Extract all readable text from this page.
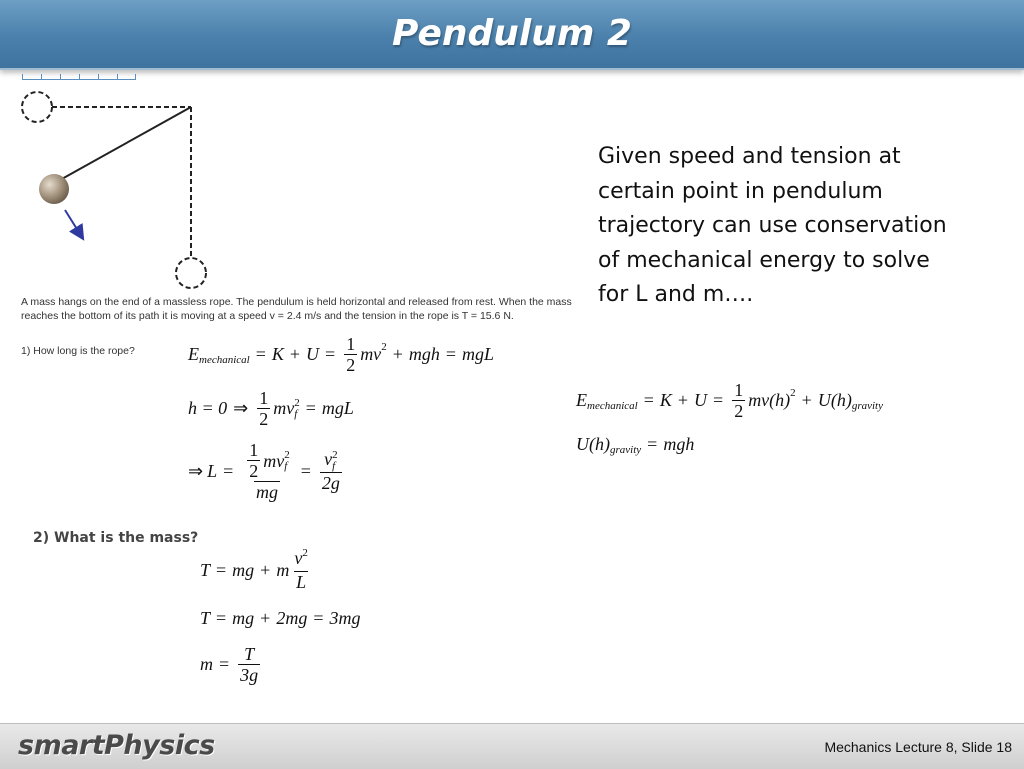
Pendulum 2
A mass hangs on the end of a massless rope. The pendulum is held horizontal and released from rest. When the mass reaches the bottom of its path it is moving at a speed v = 2.4 m/s and the tension in the rope is T = 15.6 N.
1) How long is the rope?	E mechanical = $K + U = \frac{1}{2}$ mv 2 + mgh = mgL
h = 0 ⇒ $\frac{1}{2}$ mv 2
f = mgL
⇒ $L = \frac{1}{2}$ mv 2
f
mg = v 2
f
2g
2) What is the mass?
T = mg + m $\frac{v^2}{L}$
T = mg + 2mg = 3mg
$m = \frac{T}{3g}$
Given speed and tension at certain point in pendulum trajectory can use conservation of mechanical energy to solve for L and m….
E mechanical = $K + U = \frac{1}{2} mv(h) 2 + U(h)$ gravity
U(h) gravity = mgh
smartPhysics	Mechanics Lecture 8, Slide 18
